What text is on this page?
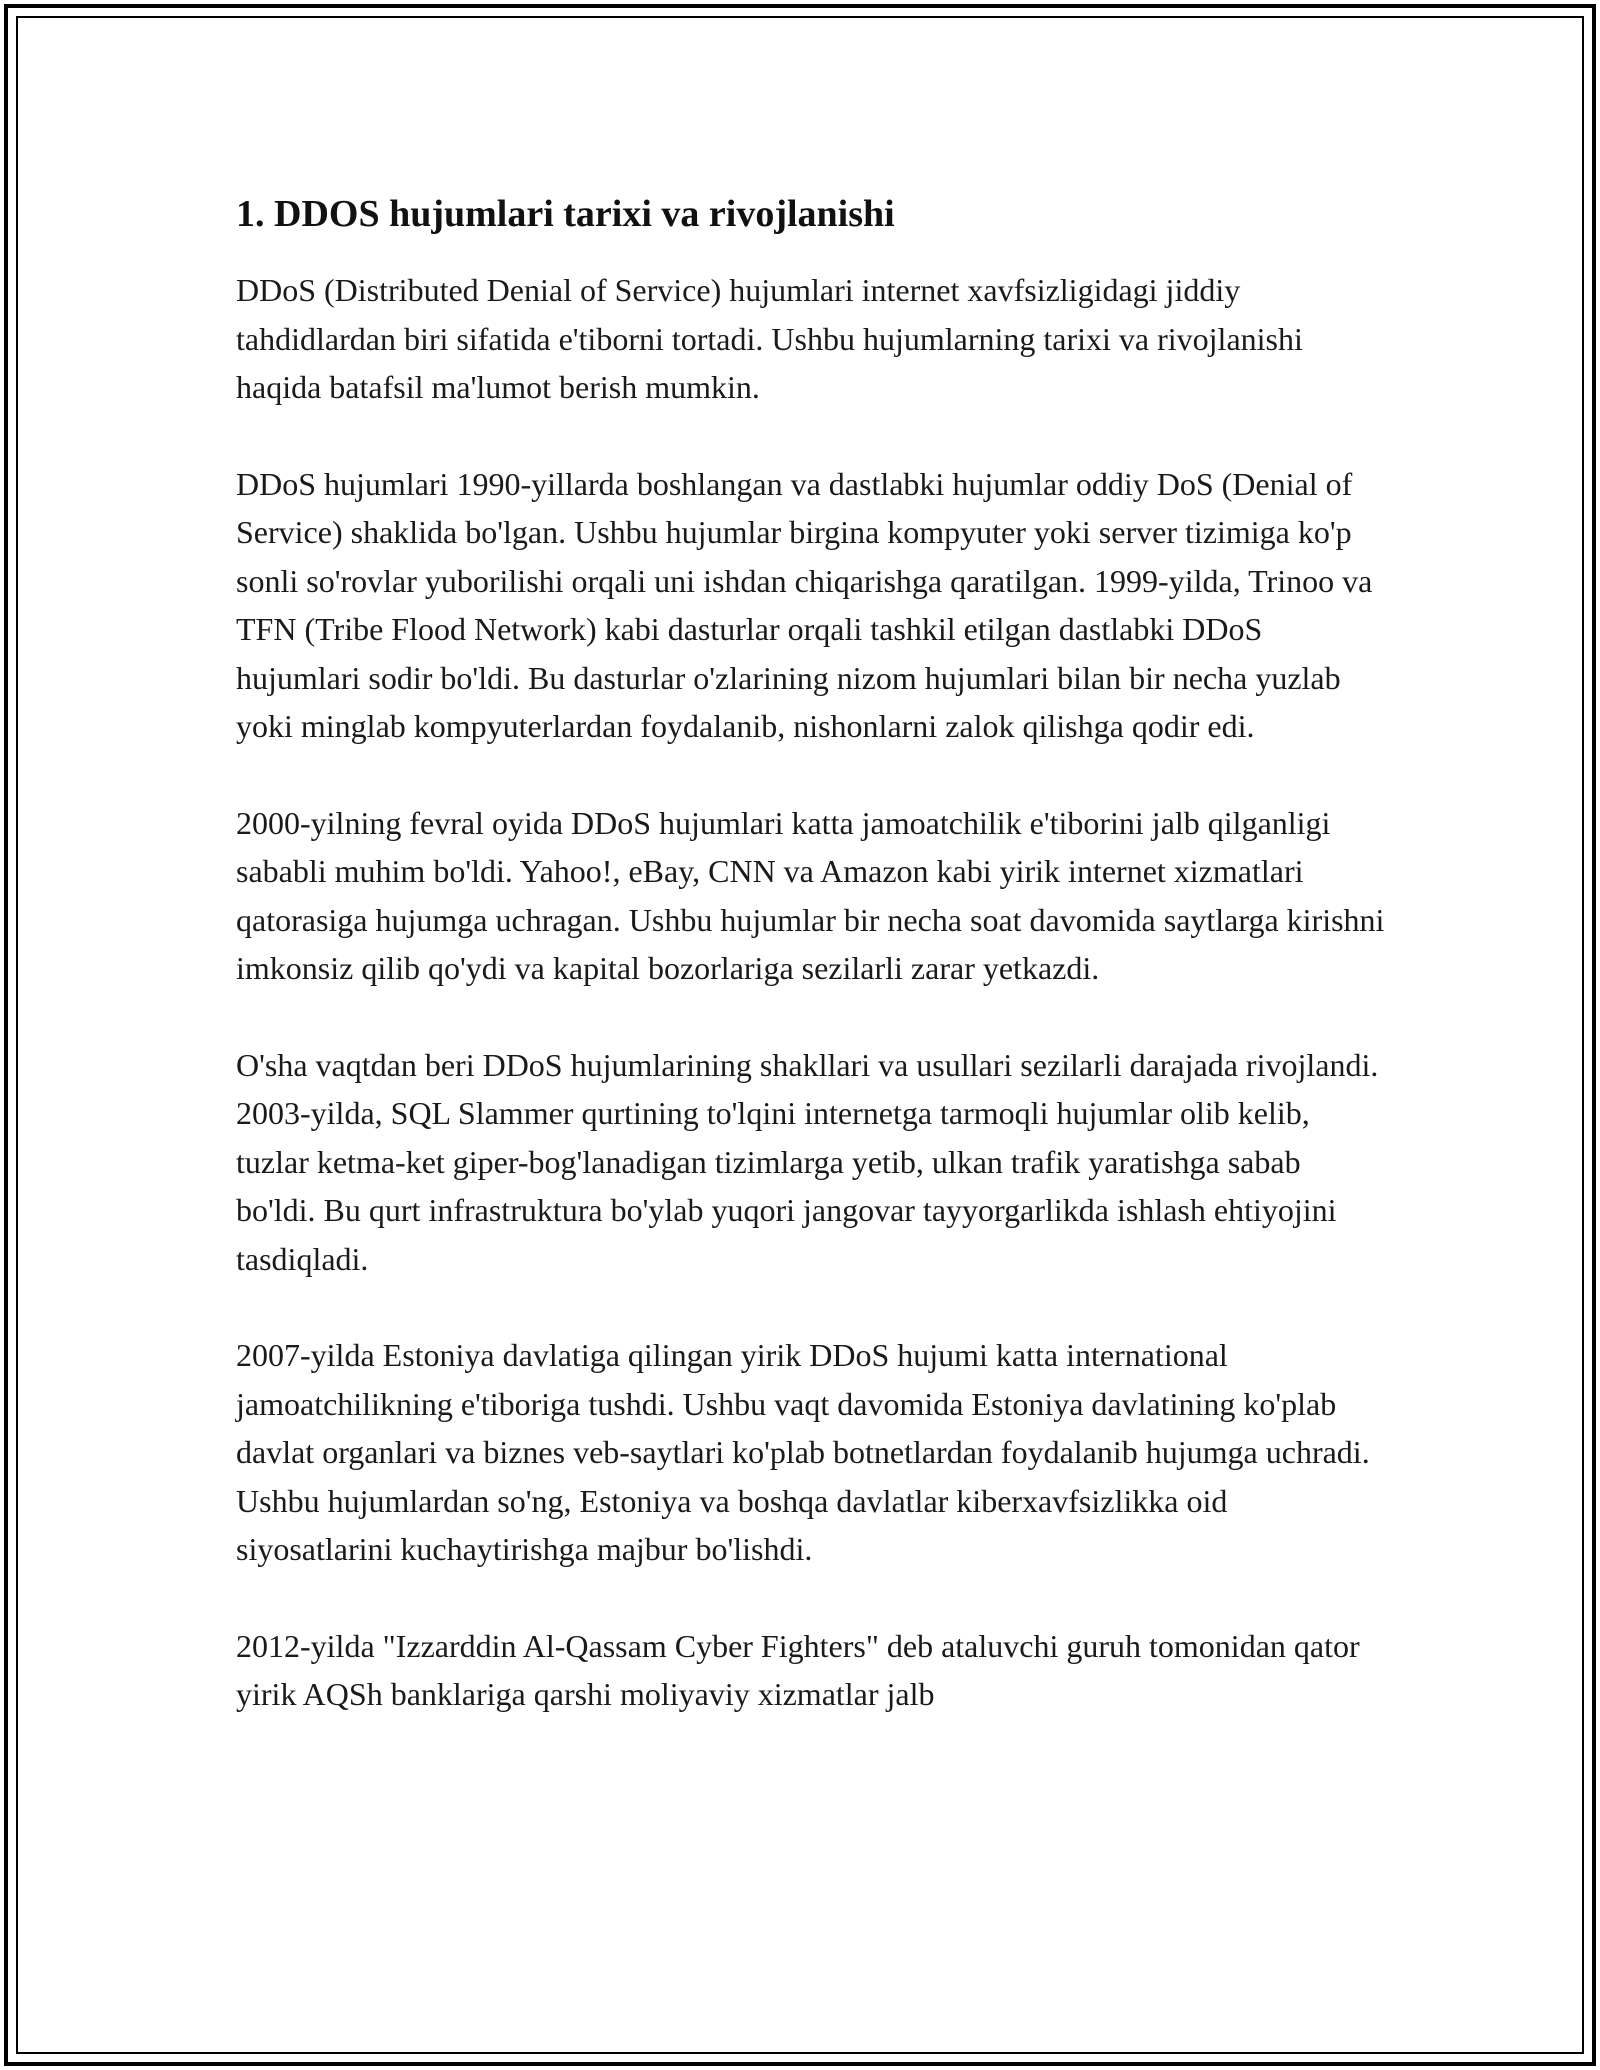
1. DDOS hujumlari tarixi va rivojlanishi

DDoS (Distributed Denial of Service) hujumlari internet xavfsizligidagi jiddiy tahdidlardan biri sifatida e'tiborni tortadi. Ushbu hujumlarning tarixi va rivojlanishi haqida batafsil ma'lumot berish mumkin.

DDoS hujumlari 1990-yillarda boshlangan va dastlabki hujumlar oddiy DoS (Denial of Service) shaklida bo'lgan. Ushbu hujumlar birgina kompyuter yoki server tizimiga ko'p sonli so'rovlar yuborilishi orqali uni ishdan chiqarishga qaratilgan. 1999-yilda, Trinoo va TFN (Tribe Flood Network) kabi dasturlar orqali tashkil etilgan dastlabki DDoS hujumlari sodir bo'ldi. Bu dasturlar o'zlarining nizom hujumlari bilan bir necha yuzlab yoki minglab kompyuterlardan foydalanib, nishonlarni zalok qilishga qodir edi.

2000-yilning fevral oyida DDoS hujumlari katta jamoatchilik e'tiborini jalb qilganligi sababli muhim bo'ldi. Yahoo!, eBay, CNN va Amazon kabi yirik internet xizmatlari qatorasiga hujumga uchragan. Ushbu hujumlar bir necha soat davomida saytlarga kirishni imkonsiz qilib qo'ydi va kapital bozorlariga sezilarli zarar yetkazdi.

O'sha vaqtdan beri DDoS hujumlarining shakllari va usullari sezilarli darajada rivojlandi. 2003-yilda, SQL Slammer qurtining to'lqini internetga tarmoqli hujumlar olib kelib, tuzlar ketma-ket giper-bog'lanadigan tizimlarga yetib, ulkan trafik yaratishga sabab bo'ldi. Bu qurt infrastruktura bo'ylab yuqori jangovar tayyorgarlikda ishlash ehtiyojini tasdiqladi.

2007-yilda Estoniya davlatiga qilingan yirik DDoS hujumi katta international jamoatchilikning e'tiboriga tushdi. Ushbu vaqt davomida Estoniya davlatining ko'plab davlat organlari va biznes veb-saytlari ko'plab botnetlardan foydalanib hujumga uchradi. Ushbu hujumlardan so'ng, Estoniya va boshqa davlatlar kiberxavfsizlikka oid siyosatlarini kuchaytirishga majbur bo'lishdi.

2012-yilda "Izzarddin Al-Qassam Cyber Fighters" deb ataluvchi guruh tomonidan qator yirik AQSh banklariga qarshi moliyaviy xizmatlar jalb
